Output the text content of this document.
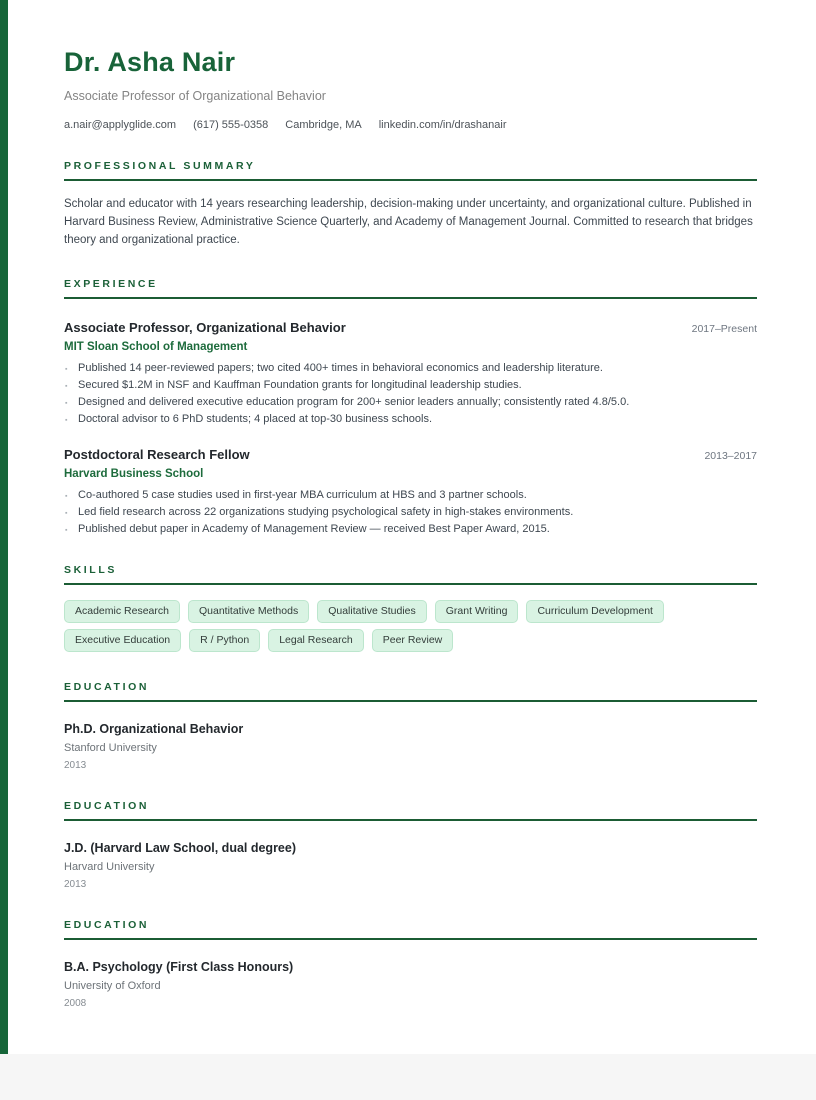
Dr. Asha Nair
Associate Professor of Organizational Behavior
a.nair@applyglide.com (617) 555-0358 Cambridge, MA linkedin.com/in/drashanair
PROFESSIONAL SUMMARY
Scholar and educator with 14 years researching leadership, decision-making under uncertainty, and organizational culture. Published in Harvard Business Review, Administrative Science Quarterly, and Academy of Management Journal. Committed to research that bridges theory and organizational practice.
EXPERIENCE
Associate Professor, Organizational Behavior	2017–Present
MIT Sloan School of Management
▪ Published 14 peer-reviewed papers; two cited 400+ times in behavioral economics and leadership literature.
▪ Secured $1.2M in NSF and Kauffman Foundation grants for longitudinal leadership studies.
▪ Designed and delivered executive education program for 200+ senior leaders annually; consistently rated 4.8/5.0.
▪ Doctoral advisor to 6 PhD students; 4 placed at top-30 business schools.
Postdoctoral Research Fellow	2013–2017
Harvard Business School
▪ Co-authored 5 case studies used in first-year MBA curriculum at HBS and 3 partner schools.
▪ Led field research across 22 organizations studying psychological safety in high-stakes environments.
▪ Published debut paper in Academy of Management Review — received Best Paper Award, 2015.
SKILLS
Academic Research	Quantitative Methods	Qualitative Studies	Grant Writing	Curriculum Development
Executive Education	R / Python	Legal Research	Peer Review
EDUCATION
Ph.D. Organizational Behavior
Stanford University
2013
EDUCATION
J.D. (Harvard Law School, dual degree)
Harvard University
2013
EDUCATION
B.A. Psychology (First Class Honours)
University of Oxford
2008
